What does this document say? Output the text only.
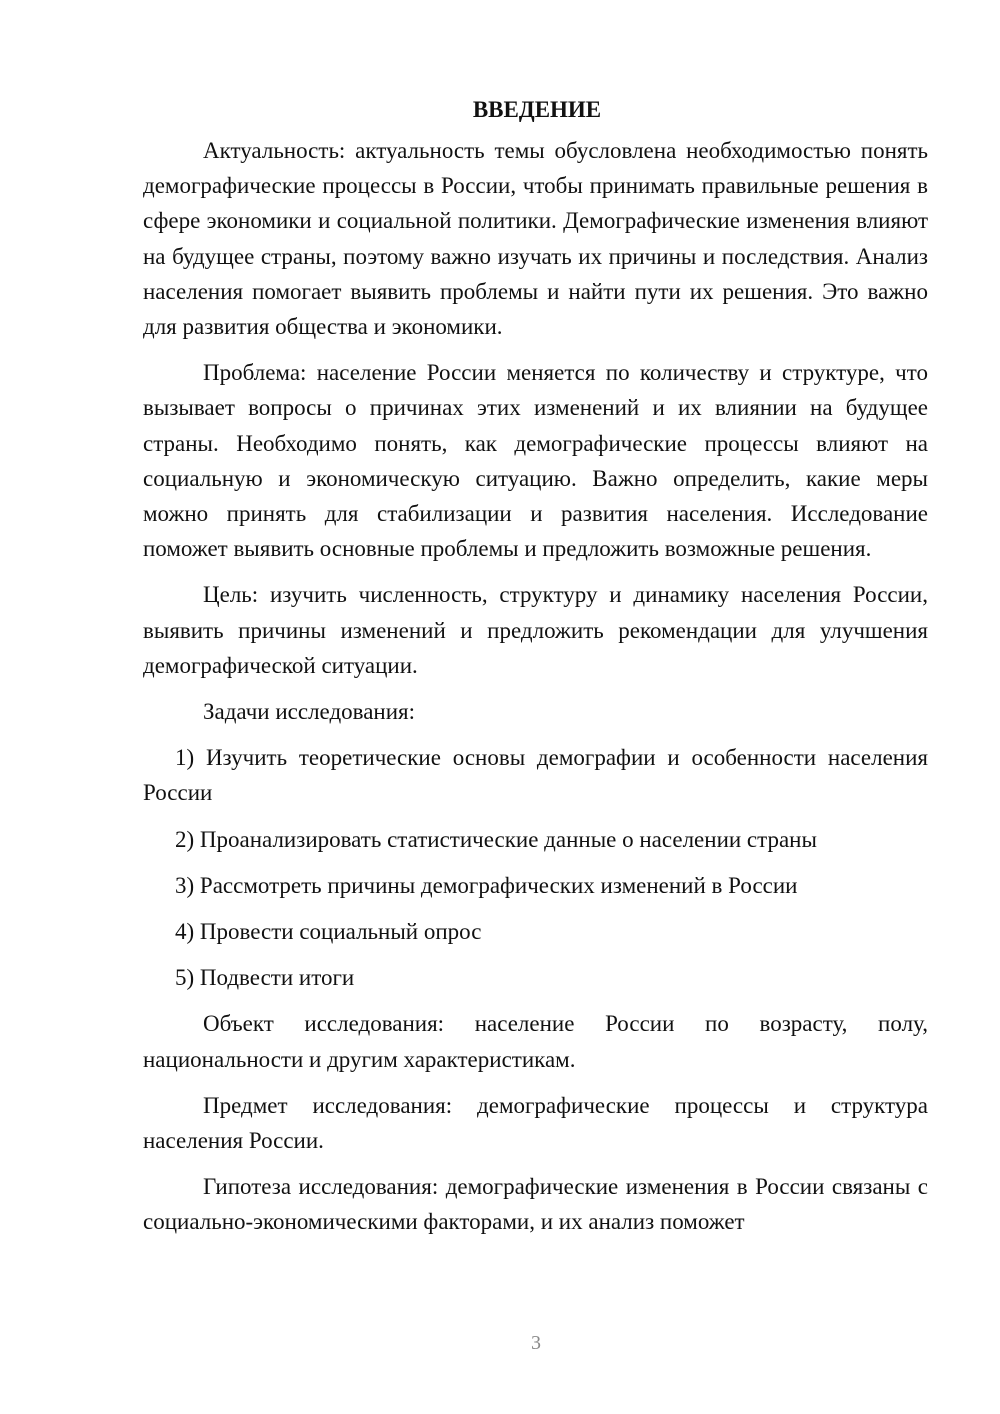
ВВЕДЕНИЕ

Актуальность: актуальность темы обусловлена необходимостью понять демографические процессы в России, чтобы принимать правильные решения в сфере экономики и социальной политики. Демографические изменения влияют на будущее страны, поэтому важно изучать их причины и последствия. Анализ населения помогает выявить проблемы и найти пути их решения. Это важно для развития общества и экономики.

Проблема: население России меняется по количеству и структуре, что вызывает вопросы о причинах этих изменений и их влиянии на будущее страны. Необходимо понять, как демографические процессы влияют на социальную и экономическую ситуацию. Важно определить, какие меры можно принять для стабилизации и развития населения. Исследование поможет выявить основные проблемы и предложить возможные решения.

Цель: изучить численность, структуру и динамику населения России, выявить причины изменений и предложить рекомендации для улучшения демографической ситуации.

Задачи исследования:

1) Изучить теоретические основы демографии и особенности населения России

2) Проанализировать статистические данные о населении страны

3) Рассмотреть причины демографических изменений в России

4) Провести социальный опрос

5) Подвести итоги

Объект исследования: население России по возрасту, полу, национальности и другим характеристикам.

Предмет исследования: демографические процессы и структура населения России.

Гипотеза исследования: демографические изменения в России связаны с социально-экономическими факторами, и их анализ поможет

3
